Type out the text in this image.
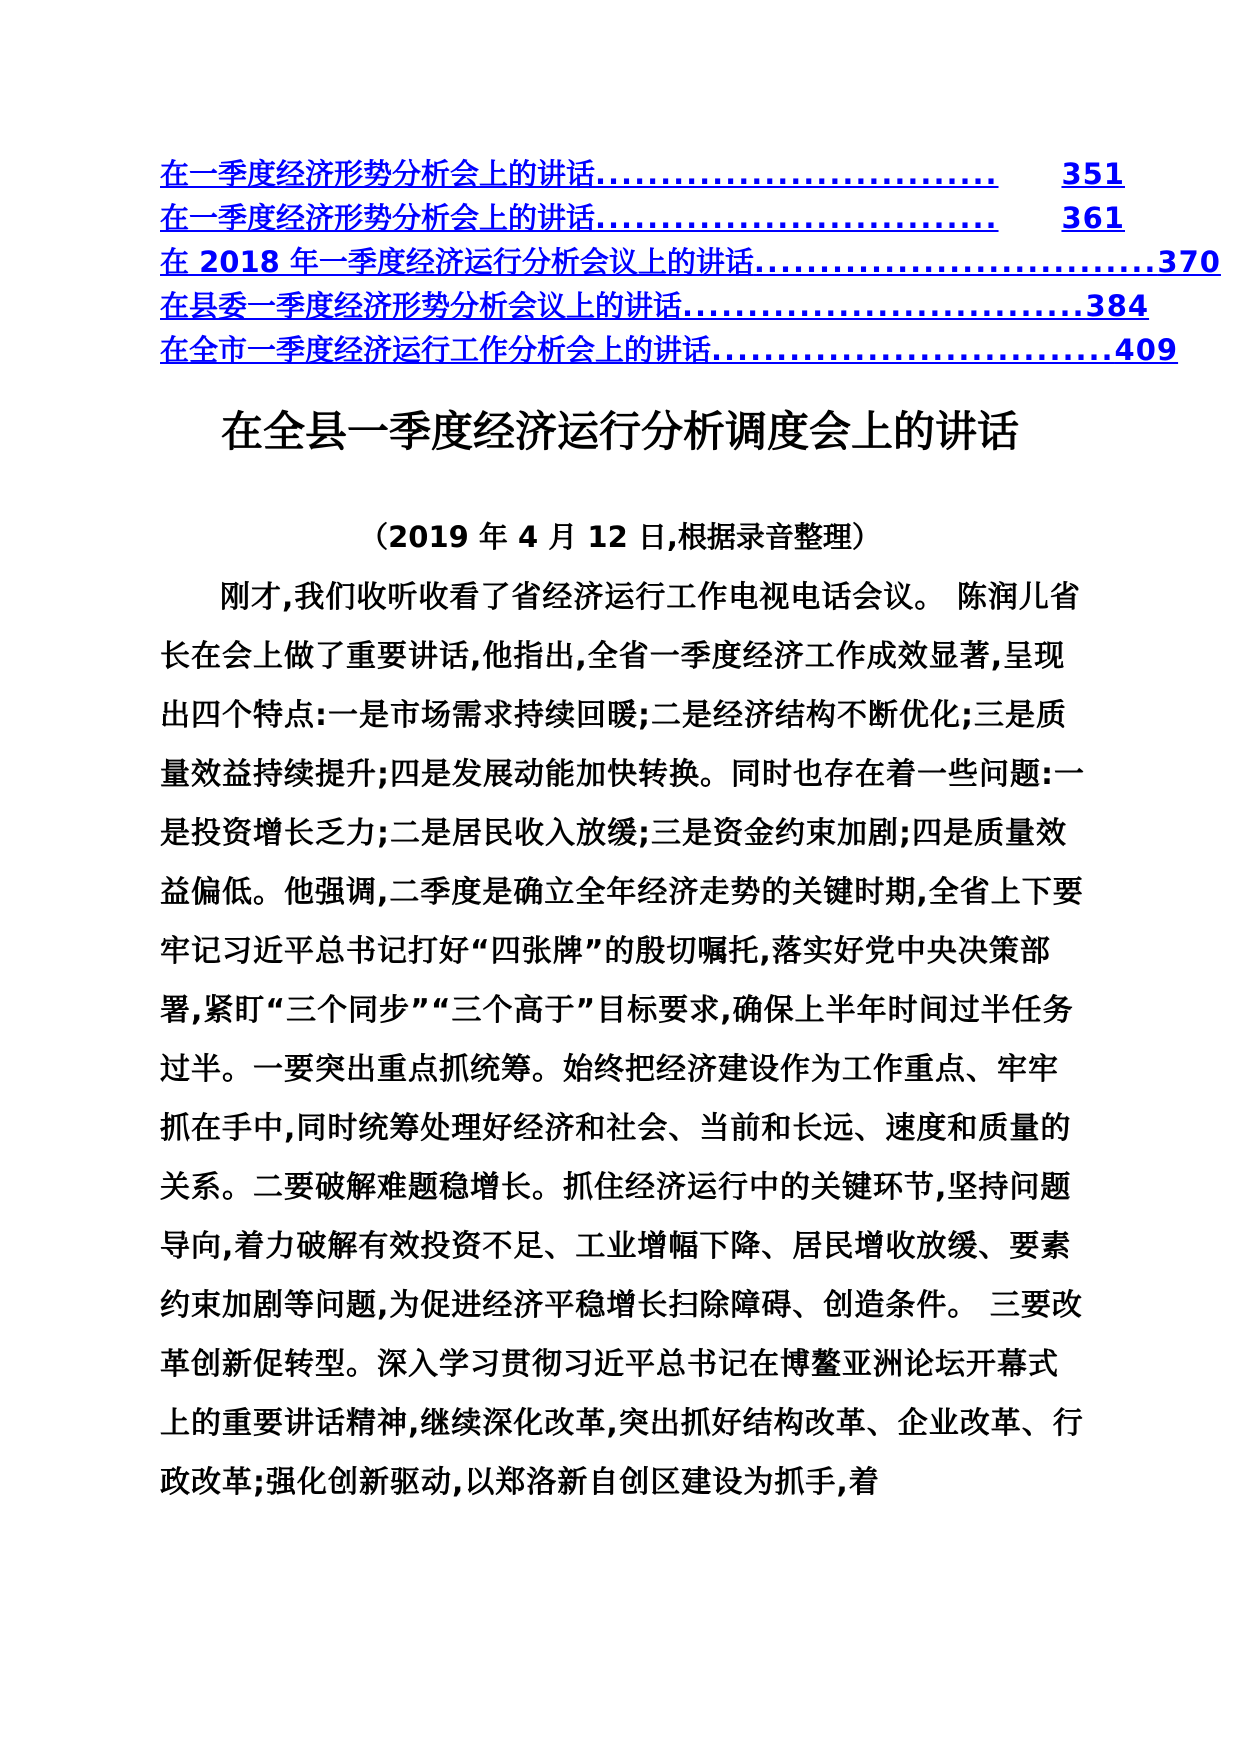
在一季度经济形势分析会上的讲话 ...............................	351
在一季度经济形势分析会上的讲话 ...............................	361
在 2018 年一季度经济运行分析会议上的讲话 ............................... 370
在县委一季度经济形势分析会议上的讲话 ............................... 384
在全市一季度经济运行工作分析会上的讲话 ............................... 409
在全县一季度经济运行分析调度会上的讲话
（2019 年 4 月 12 日,根据录音整理）

刚才,我们收听收看了省经济运行工作电视电话会议。 陈润儿省长在会上做了重要讲话,他指出,全省一季度经济工作成效显著,呈现出四个特点:一是市场需求持续回暖;二是经济结构不断优化;三是质量效益持续提升;四是发展动能加快转换。同时也存在着一些问题:一是投资增长乏力;二是居民收入放缓;三是资金约束加剧;四是质量效益偏低。他强调,二季度是确立全年经济走势的关键时期,全省上下要牢记习近平总书记打好“四张牌”的殷切嘱托,落实好党中央决策部署,紧盯“三个同步”“三个高于”目标要求,确保上半年时间过半任务过半。一要突出重点抓统筹。始终把经济建设作为工作重点、牢牢抓在手中,同时统筹处理好经济和社会、当前和长远、速度和质量的关系。二要破解难题稳增长。抓住经济运行中的关键环节,坚持问题导向,着力破解有效投资不足、工业增幅下降、居民增收放缓、要素约束加剧等问题,为促进经济平稳增长扫除障碍、创造条件。 三要改革创新促转型。深入学习贯彻习近平总书记在博鳌亚洲论坛开幕式上的重要讲话精神,继续深化改革,突出抓好结构改革、企业改革、行政改革;强化创新驱动,以郑洛新自创区建设为抓手,着
